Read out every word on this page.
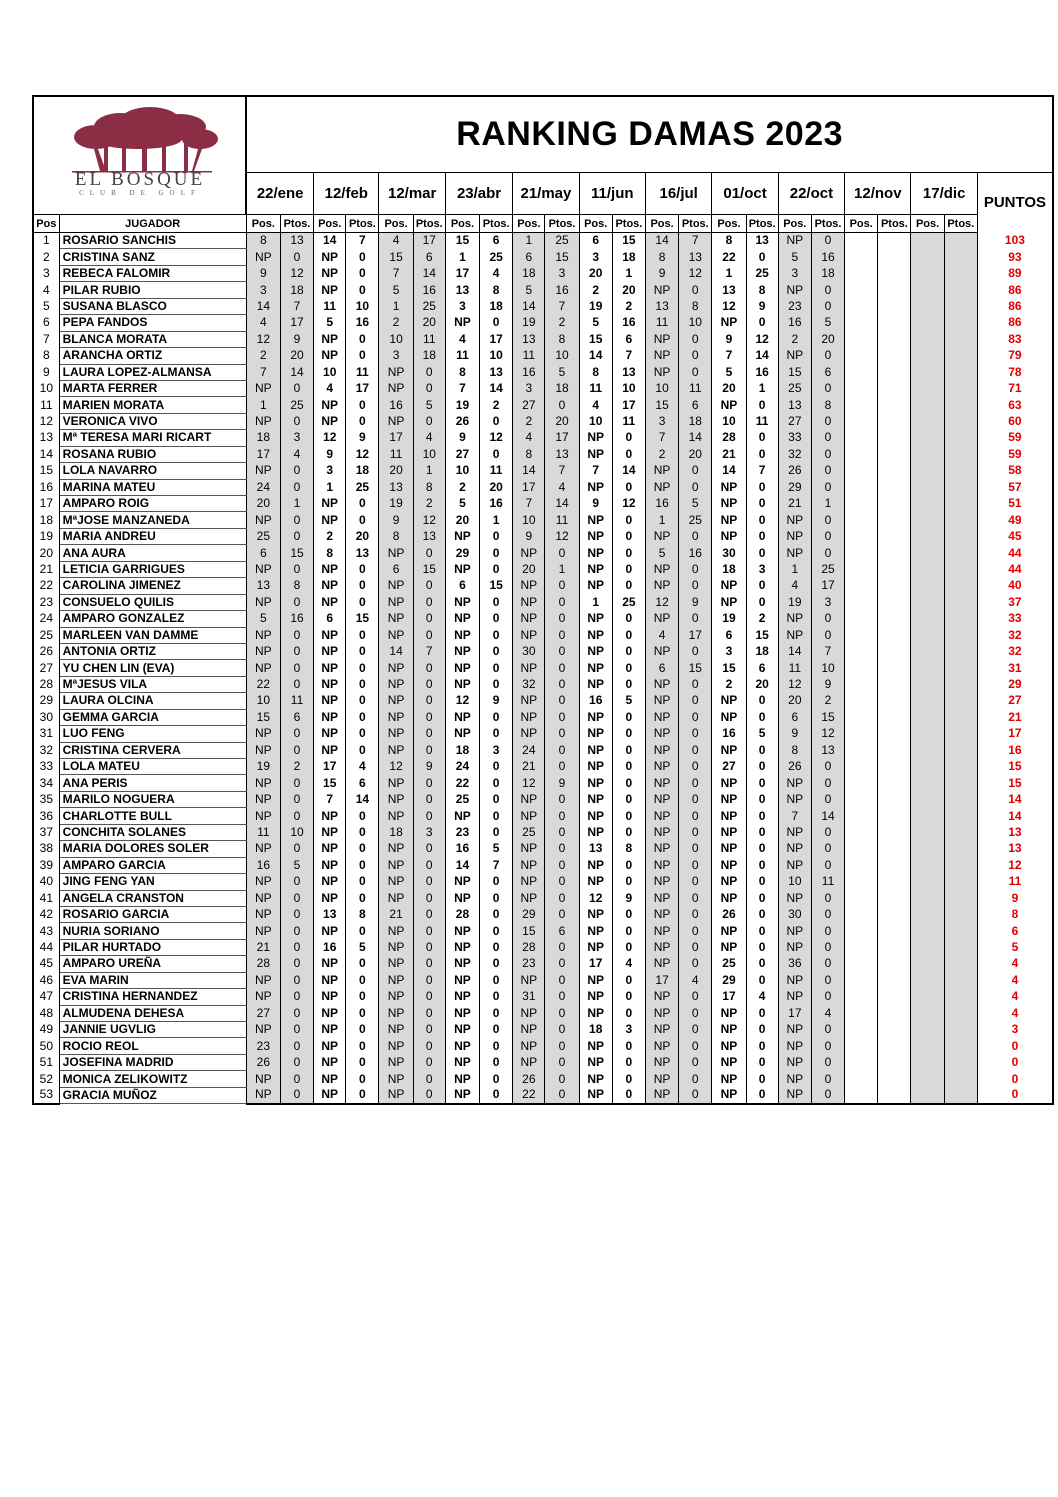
EL BOSQUE
CLUB DE GOLF		RANKING DAMAS 2023																						
		22/ene		12/feb		12/mar		23/abr		21/may		11/jun		16/jul		01/oct		22/oct		12/nov		17/dic		PUNTOS
Pos	JUGADOR	Pos.	Ptos.	Pos.	Ptos.	Pos.	Ptos.	Pos.	Ptos.	Pos.	Ptos.	Pos.	Ptos.	Pos.	Ptos.	Pos.	Ptos.	Pos.	Ptos.	Pos.	Ptos.	Pos.	Ptos.	
1	ROSARIO SANCHIS	8	13	14	7	4	17	15	6	1	25	6	15	14	7	8	13	NP	0					103
2	CRISTINA SANZ	NP	0	NP	0	15	6	1	25	6	15	3	18	8	13	22	0	5	16					93
3	REBECA FALOMIR	9	12	NP	0	7	14	17	4	18	3	20	1	9	12	1	25	3	18					89
4	PILAR RUBIO	3	18	NP	0	5	16	13	8	5	16	2	20	NP	0	13	8	NP	0					86
5	SUSANA BLASCO	14	7	11	10	1	25	3	18	14	7	19	2	13	8	12	9	23	0					86
6	PEPA FANDOS	4	17	5	16	2	20	NP	0	19	2	5	16	11	10	NP	0	16	5					86
7	BLANCA MORATA	12	9	NP	0	10	11	4	17	13	8	15	6	NP	0	9	12	2	20					83
8	ARANCHA ORTIZ	2	20	NP	0	3	18	11	10	11	10	14	7	NP	0	7	14	NP	0					79
9	LAURA LOPEZ-ALMANSA	7	14	10	11	NP	0	8	13	16	5	8	13	NP	0	5	16	15	6					78
10	MARTA FERRER	NP	0	4	17	NP	0	7	14	3	18	11	10	10	11	20	1	25	0					71
11	MARIEN MORATA	1	25	NP	0	16	5	19	2	27	0	4	17	15	6	NP	0	13	8					63
12	VERONICA VIVO	NP	0	NP	0	NP	0	26	0	2	20	10	11	3	18	10	11	27	0					60
13	Mª TERESA MARI RICART	18	3	12	9	17	4	9	12	4	17	NP	0	7	14	28	0	33	0					59
14	ROSANA RUBIO	17	4	9	12	11	10	27	0	8	13	NP	0	2	20	21	0	32	0					59
15	LOLA NAVARRO	NP	0	3	18	20	1	10	11	14	7	7	14	NP	0	14	7	26	0					58
16	MARINA MATEU	24	0	1	25	13	8	2	20	17	4	NP	0	NP	0	NP	0	29	0					57
17	AMPARO ROIG	20	1	NP	0	19	2	5	16	7	14	9	12	16	5	NP	0	21	1					51
18	MªJOSE MANZANEDA	NP	0	NP	0	9	12	20	1	10	11	NP	0	1	25	NP	0	NP	0					49
19	MARIA ANDREU	25	0	2	20	8	13	NP	0	9	12	NP	0	NP	0	NP	0	NP	0					45
20	ANA AURA	6	15	8	13	NP	0	29	0	NP	0	NP	0	5	16	30	0	NP	0					44
21	LETICIA GARRIGUES	NP	0	NP	0	6	15	NP	0	20	1	NP	0	NP	0	18	3	1	25					44
22	CAROLINA JIMENEZ	13	8	NP	0	NP	0	6	15	NP	0	NP	0	NP	0	NP	0	4	17					40
23	CONSUELO QUILIS	NP	0	NP	0	NP	0	NP	0	NP	0	1	25	12	9	NP	0	19	3					37
24	AMPARO GONZALEZ	5	16	6	15	NP	0	NP	0	NP	0	NP	0	NP	0	19	2	NP	0					33
25	MARLEEN VAN DAMME	NP	0	NP	0	NP	0	NP	0	NP	0	NP	0	4	17	6	15	NP	0					32
26	ANTONIA ORTIZ	NP	0	NP	0	14	7	NP	0	30	0	NP	0	NP	0	3	18	14	7					32
27	YU CHEN LIN (EVA)	NP	0	NP	0	NP	0	NP	0	NP	0	NP	0	6	15	15	6	11	10					31
28	MªJESUS VILA	22	0	NP	0	NP	0	NP	0	32	0	NP	0	NP	0	2	20	12	9					29
29	LAURA OLCINA	10	11	NP	0	NP	0	12	9	NP	0	16	5	NP	0	NP	0	20	2					27
30	GEMMA GARCIA	15	6	NP	0	NP	0	NP	0	NP	0	NP	0	NP	0	NP	0	6	15					21
31	LUO FENG	NP	0	NP	0	NP	0	NP	0	NP	0	NP	0	NP	0	16	5	9	12					17
32	CRISTINA CERVERA	NP	0	NP	0	NP	0	18	3	24	0	NP	0	NP	0	NP	0	8	13					16
33	LOLA MATEU	19	2	17	4	12	9	24	0	21	0	NP	0	NP	0	27	0	26	0					15
34	ANA PERIS	NP	0	15	6	NP	0	22	0	12	9	NP	0	NP	0	NP	0	NP	0					15
35	MARILO NOGUERA	NP	0	7	14	NP	0	25	0	NP	0	NP	0	NP	0	NP	0	NP	0					14
36	CHARLOTTE BULL	NP	0	NP	0	NP	0	NP	0	NP	0	NP	0	NP	0	NP	0	7	14					14
37	CONCHITA SOLANES	11	10	NP	0	18	3	23	0	25	0	NP	0	NP	0	NP	0	NP	0					13
38	MARIA DOLORES SOLER	NP	0	NP	0	NP	0	16	5	NP	0	13	8	NP	0	NP	0	NP	0					13
39	AMPARO GARCIA	16	5	NP	0	NP	0	14	7	NP	0	NP	0	NP	0	NP	0	NP	0					12
40	JING FENG YAN	NP	0	NP	0	NP	0	NP	0	NP	0	NP	0	NP	0	NP	0	10	11					11
41	ANGELA CRANSTON	NP	0	NP	0	NP	0	NP	0	NP	0	12	9	NP	0	NP	0	NP	0					9
42	ROSARIO GARCIA	NP	0	13	8	21	0	28	0	29	0	NP	0	NP	0	26	0	30	0					8
43	NURIA SORIANO	NP	0	NP	0	NP	0	NP	0	15	6	NP	0	NP	0	NP	0	NP	0					6
44	PILAR HURTADO	21	0	16	5	NP	0	NP	0	28	0	NP	0	NP	0	NP	0	NP	0					5
45	AMPARO UREÑA	28	0	NP	0	NP	0	NP	0	23	0	17	4	NP	0	25	0	36	0					4
46	EVA MARIN	NP	0	NP	0	NP	0	NP	0	NP	0	NP	0	17	4	29	0	NP	0					4
47	CRISTINA HERNANDEZ	NP	0	NP	0	NP	0	NP	0	31	0	NP	0	NP	0	17	4	NP	0					4
48	ALMUDENA DEHESA	27	0	NP	0	NP	0	NP	0	NP	0	NP	0	NP	0	NP	0	17	4					4
49	JANNIE UGVLIG	NP	0	NP	0	NP	0	NP	0	NP	0	18	3	NP	0	NP	0	NP	0					3
50	ROCIO REOL	23	0	NP	0	NP	0	NP	0	NP	0	NP	0	NP	0	NP	0	NP	0					0
51	JOSEFINA MADRID	26	0	NP	0	NP	0	NP	0	NP	0	NP	0	NP	0	NP	0	NP	0					0
52	MONICA ZELIKOWITZ	NP	0	NP	0	NP	0	NP	0	26	0	NP	0	NP	0	NP	0	NP	0					0
53	GRACIA MUÑOZ	NP	0	NP	0	NP	0	NP	0	22	0	NP	0	NP	0	NP	0	NP	0					0
